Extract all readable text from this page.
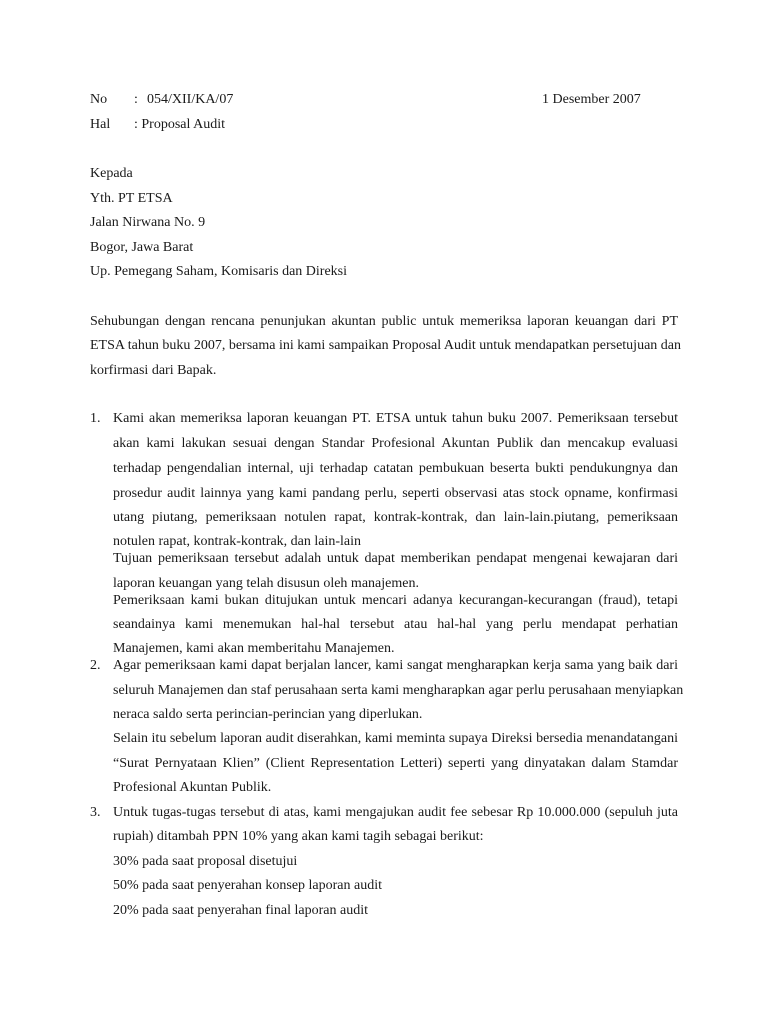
No : 054/XII/KA/07	1 Desember 2007
Hal : Proposal Audit
Kepada
Yth. PT ETSA
Jalan Nirwana No. 9
Bogor, Jawa Barat
Up. Pemegang Saham, Komisaris dan Direksi
Sehubungan dengan rencana penunjukan akuntan public untuk memeriksa laporan keuangan dari PT
ETSA tahun buku 2007, bersama ini kami sampaikan Proposal Audit untuk mendapatkan persetujuan dan
korfirmasi dari Bapak.
1. Kami akan memeriksa laporan keuangan PT. ETSA untuk tahun buku 2007. Pemeriksaan tersebut
akan kami lakukan sesuai dengan Standar Profesional Akuntan Publik dan mencakup evaluasi
terhadap pengendalian internal, uji terhadap catatan pembukuan beserta bukti pendukungnya dan
prosedur audit lainnya yang kami pandang perlu, seperti observasi atas stock opname, konfirmasi
utang piutang, pemeriksaan notulen rapat, kontrak-kontrak, dan lain-lain.piutang, pemeriksaan
notulen rapat, kontrak-kontrak, dan lain-lain
Tujuan pemeriksaan tersebut adalah untuk dapat memberikan pendapat mengenai kewajaran dari
laporan keuangan yang telah disusun oleh manajemen.
Pemeriksaan kami bukan ditujukan untuk mencari adanya kecurangan-kecurangan (fraud), tetapi
seandainya kami menemukan hal-hal tersebut atau hal-hal yang perlu mendapat perhatian
Manajemen, kami akan memberitahu Manajemen.
2. Agar pemeriksaan kami dapat berjalan lancer, kami sangat mengharapkan kerja sama yang baik dari
seluruh Manajemen dan staf perusahaan serta kami mengharapkan agar perlu perusahaan menyiapkan
neraca saldo serta perincian-perincian yang diperlukan.
Selain itu sebelum laporan audit diserahkan, kami meminta supaya Direksi bersedia menandatangani
“Surat Pernyataan Klien” (Client Representation Letteri) seperti yang dinyatakan dalam Stamdar
Profesional Akuntan Publik.
3. Untuk tugas-tugas tersebut di atas, kami mengajukan audit fee sebesar Rp 10.000.000 (sepuluh juta
rupiah) ditambah PPN 10% yang akan kami tagih sebagai berikut:
30% pada saat proposal disetujui
50% pada saat penyerahan konsep laporan audit
20% pada saat penyerahan final laporan audit
